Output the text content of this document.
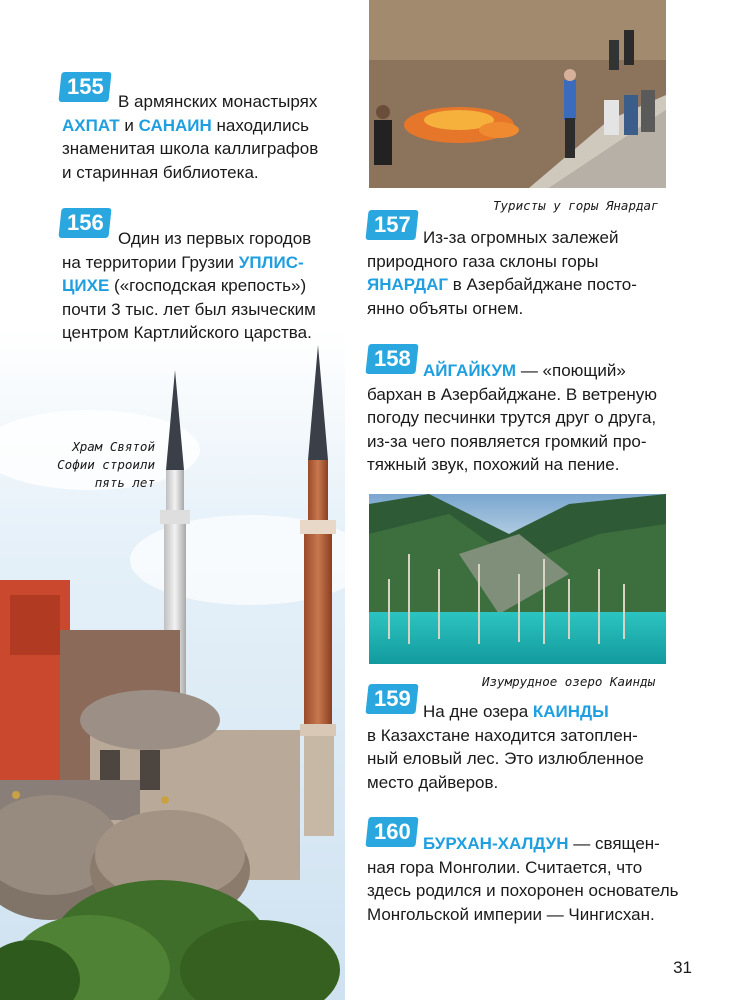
Туристы у горы Янардаг
Изумрудное озеро Каинды
Храм Святой
Софии строили
пять лет
155

В армянских монастырях
АХПАТ и САНАИН находились
знаменитая школа каллиграфов
и старинная библиотека.

156

Один из первых городов
на территории Грузии УПЛИС-
ЦИХЕ («господская крепость»)
почти 3 тыс. лет был языческим
центром Картлийского царства.

157

Из-за огромных залежей
природного газа склоны горы
ЯНАРДАГ в Азербайджане посто-
янно объяты огнем.

158 АЙГАЙКУМ — «поющий»
бархан в Азербайджане. В ветреную
погоду песчинки трутся друг о друга,
из-за чего появляется громкий про-
тяжный звук, похожий на пение.

159

На дне озера КАИНДЫ
в Казахстане находится затоплен-
ный еловый лес. Это излюбленное
место дайверов.

160 БУРХАН-ХАЛДУН — священ-
ная гора Монголии. Считается, что
здесь родился и похоронен основатель
Монгольской империи — Чингисхан.

31
